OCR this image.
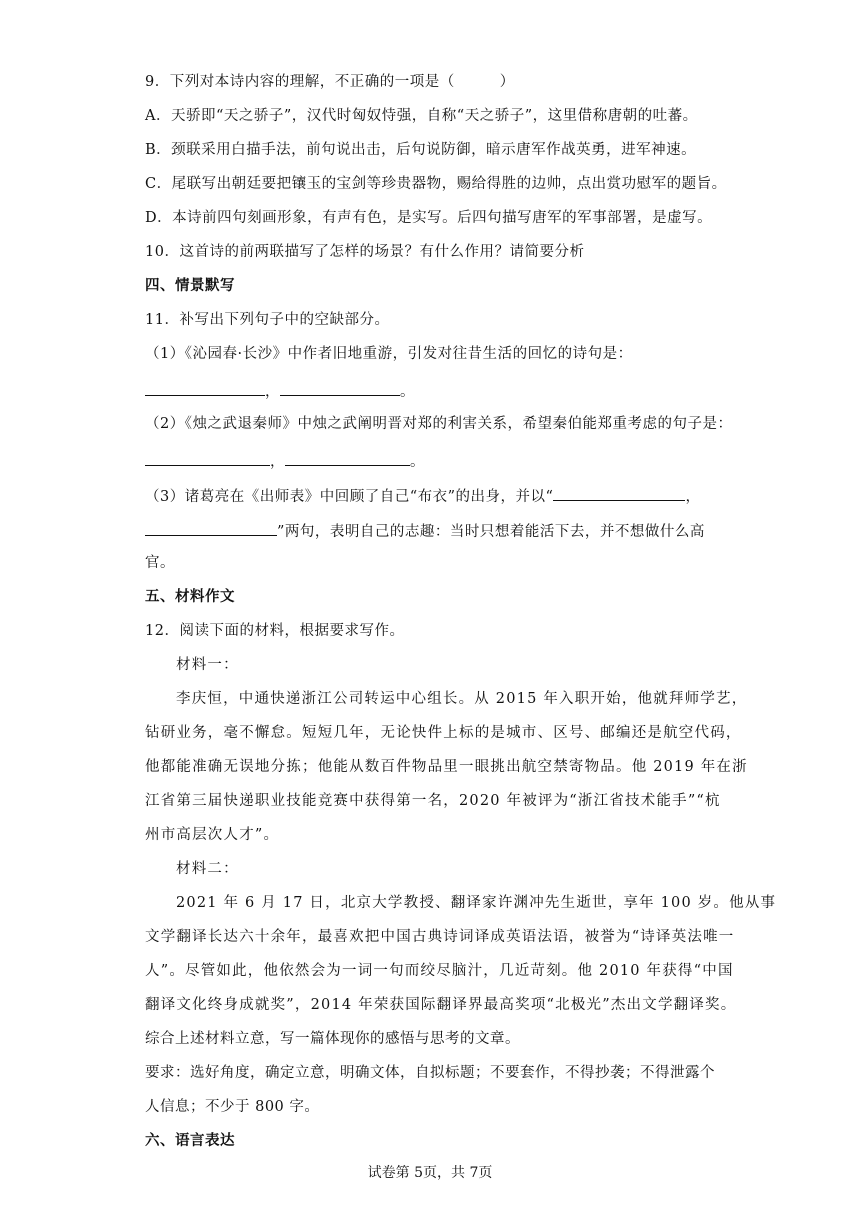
9．下列对本诗内容的理解，不正确的一项是（　　　）
A．天骄即“天之骄子”，汉代时匈奴恃强，自称“天之骄子”，这里借称唐朝的吐蕃。
B．颈联采用白描手法，前句说出击，后句说防御，暗示唐军作战英勇，进军神速。
C．尾联写出朝廷要把镶玉的宝剑等珍贵器物，赐给得胜的边帅，点出赏功慰军的题旨。
D．本诗前四句刻画形象，有声有色，是实写。后四句描写唐军的军事部署，是虚写。
10．这首诗的前两联描写了怎样的场景？有什么作用？请简要分析
四、情景默写
11．补写出下列句子中的空缺部分。
（1）《沁园春·长沙》中作者旧地重游，引发对往昔生活的回忆的诗句是：
，	。
（2）《烛之武退秦师》中烛之武阐明晋对郑的利害关系，希望秦伯能郑重考虑的句子是：
，	。
（3）诸葛亮在《出师表》中回顾了自己“布衣”的出身，并以“	，
”两句，表明自己的志趣：当时只想着能活下去，并不想做什么高
官。
五、材料作文
12．阅读下面的材料，根据要求写作。
材料一：
李庆恒，中通快递浙江公司转运中心组长。从 2015 年入职开始，他就拜师学艺，
钻研业务，毫不懈怠。短短几年，无论快件上标的是城市、区号、邮编还是航空代码，
他都能准确无误地分拣；他能从数百件物品里一眼挑出航空禁寄物品。他 2019 年在浙
江省第三届快递职业技能竞赛中获得第一名，2020 年被评为“浙江省技术能手”“杭
州市高层次人才”。
材料二：
2021 年 6 月 17 日，北京大学教授、翻译家许渊冲先生逝世，享年 100 岁。他从事
文学翻译长达六十余年，最喜欢把中国古典诗词译成英语法语，被誉为“诗译英法唯一
人”。尽管如此，他依然会为一词一句而绞尽脑汁，几近苛刻。他 2010 年获得“中国
翻译文化终身成就奖”，2014 年荣获国际翻译界最高奖项“北极光”杰出文学翻译奖。
综合上述材料立意，写一篇体现你的感悟与思考的文章。
要求：选好角度，确定立意，明确文体，自拟标题；不要套作，不得抄袭；不得泄露个
人信息；不少于 800 字。
六、语言表达
试卷第 5页，共 7页
